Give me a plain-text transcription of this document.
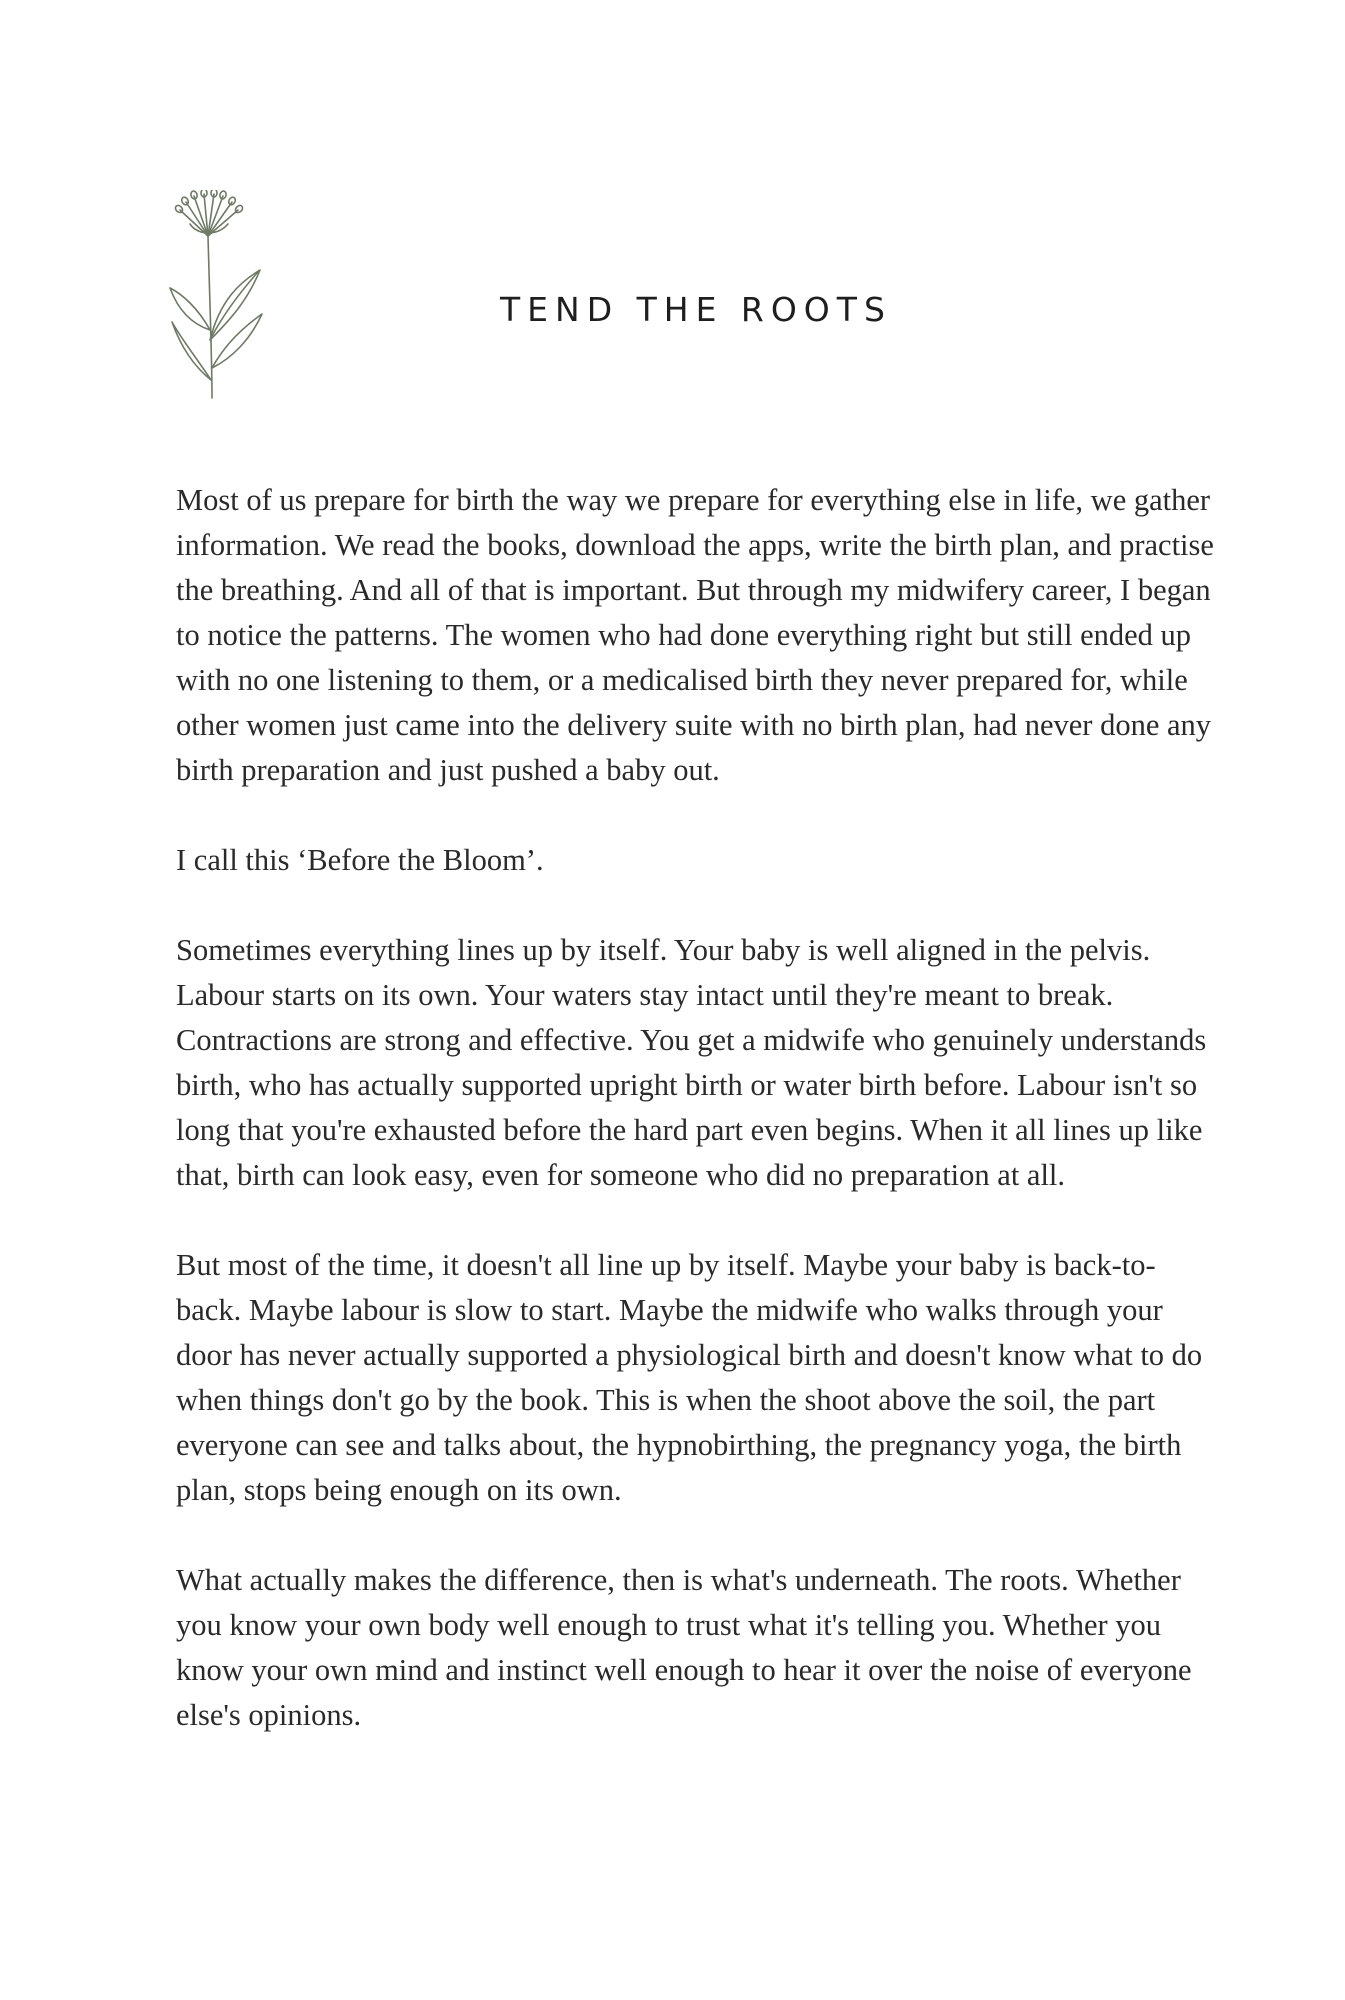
TEND THE ROOTS

Most of us prepare for birth the way we prepare for everything else in life, we gather information. We read the books, download the apps, write the birth plan, and practise the breathing. And all of that is important. But through my midwifery career, I began to notice the patterns. The women who had done everything right but still ended up with no one listening to them, or a medicalised birth they never prepared for, while other women just came into the delivery suite with no birth plan, had never done any birth preparation and just pushed a baby out.

I call this ‘Before the Bloom’.

Sometimes everything lines up by itself. Your baby is well aligned in the pelvis. Labour starts on its own. Your waters stay intact until they're meant to break. Contractions are strong and effective. You get a midwife who genuinely understands birth, who has actually supported upright birth or water birth before. Labour isn't so long that you're exhausted before the hard part even begins. When it all lines up like that, birth can look easy, even for someone who did no preparation at all.

But most of the time, it doesn't all line up by itself. Maybe your baby is back-to-back. Maybe labour is slow to start. Maybe the midwife who walks through your door has never actually supported a physiological birth and doesn't know what to do when things don't go by the book. This is when the shoot above the soil, the part everyone can see and talks about, the hypnobirthing, the pregnancy yoga, the birth plan, stops being enough on its own.

What actually makes the difference, then is what's underneath. The roots. Whether you know your own body well enough to trust what it's telling you. Whether you know your own mind and instinct well enough to hear it over the noise of everyone else's opinions.
